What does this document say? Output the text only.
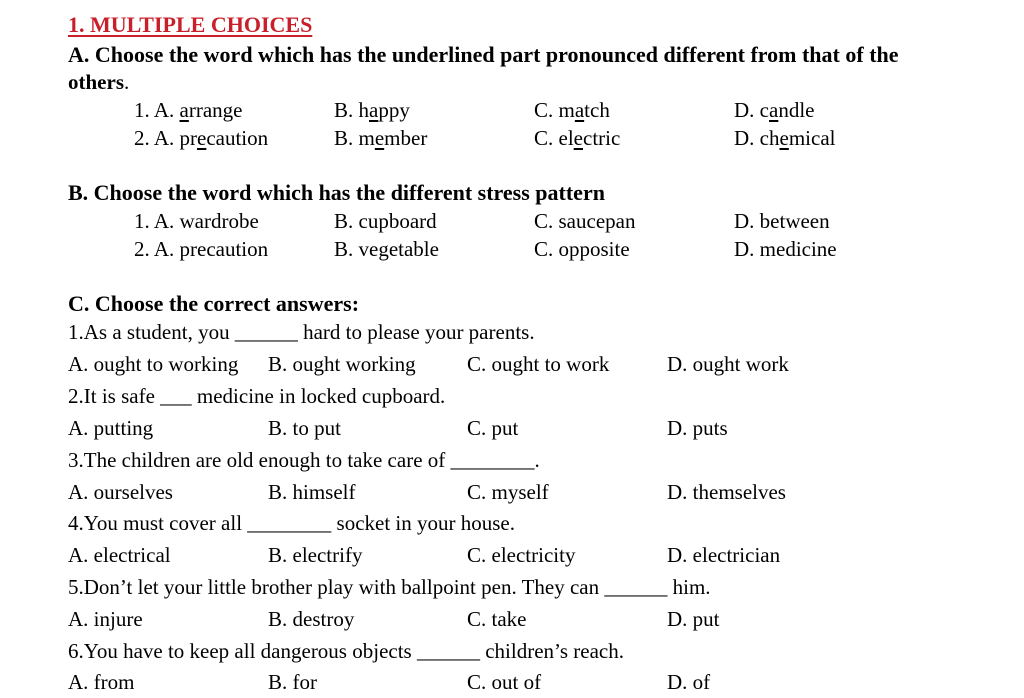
1. MULTIPLE CHOICES
A. Choose the word which has the underlined part pronounced different from that of the
others.
1. A. arrange	B. happy	C. match	D. candle
2. A. precaution	B. member	C. electric	D. chemical
B. Choose the word which has the different stress pattern
1. A. wardrobe	B. cupboard	C. saucepan	D. between
2. A. precaution	B. vegetable	C. opposite	D. medicine
C. Choose the correct answers:
1.As a student, you ______ hard to please your parents.
A. ought to working B. ought working C. ought to work	D. ought work
2.It is safe ___ medicine in locked cupboard.
A. putting	B. to put	C. put	D. puts
3.The children are old enough to take care of ________.
A. ourselves	B. himself	C. myself	D. themselves
4.You must cover all ________ socket in your house.
A. electrical	B. electrify	C. electricity	D. electrician
5.Don’t let your little brother play with ballpoint pen. They can ______ him.
A. injure	B. destroy	C. take	D. put
6.You have to keep all dangerous objects ______ children’s reach.
A. from	B. for	C. out of	D. of
